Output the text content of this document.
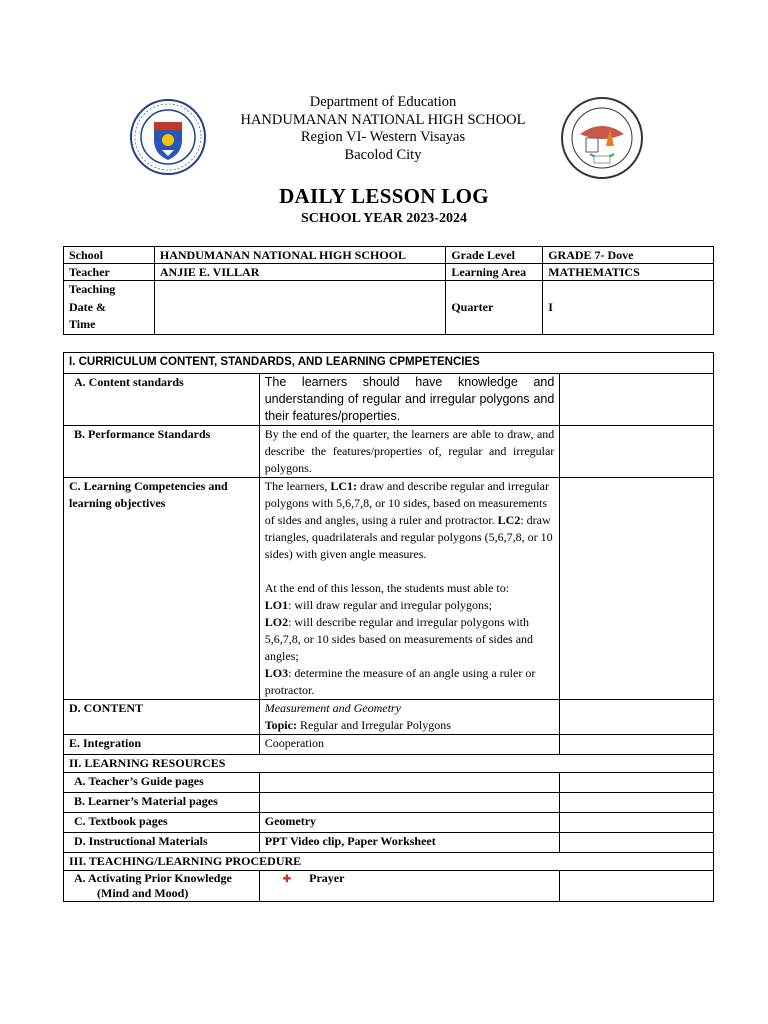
Department of Education
HANDUMANAN NATIONAL HIGH SCHOOL
Region VI- Western Visayas
Bacolod City
DAILY LESSON LOG
SCHOOL YEAR 2023-2024
School	HANDUMANAN NATIONAL HIGH SCHOOL	Grade Level	GRADE 7- Dove
Teacher	ANJIE E. VILLAR	Learning Area	MATHEMATICS

Teaching
Date &
Time		Quarter	I
I. CURRICULUM CONTENT, STANDARDS, AND LEARNING CPMPETENCIES		
A. Content standards	The learners should have knowledge and understanding of regular and irregular polygons and their features/properties.	
B. Performance Standards	By the end of the quarter, the learners are able to draw, and describe the features/properties of, regular and irregular polygons.	
C. Learning Competencies and learning objectives	The learners, LC1: draw and describe regular and irregular polygons with 5,6,7,8, or 10 sides, based on measurements of sides and angles, using a ruler and protractor. LC2: draw triangles, quadrilaterals and regular polygons (5,6,7,8, or 10 sides) with given angle measures.
At the end of this lesson, the students must able to:
LO1: will draw regular and irregular polygons;
LO2: will describe regular and irregular polygons with 5,6,7,8, or 10 sides based on measurements of sides and angles;
LO3: determine the measure of an angle using a ruler or protractor.	

D. CONTENT	Measurement and Geometry
Topic: Regular and Irregular Polygons	

E. Integration	Cooperation	
II. LEARNING RESOURCES		
A. Teacher’s Guide pages		
B. Learner’s Material pages		
C. Textbook pages	Geometry	
D. Instructional Materials	PPT Video clip, Paper Worksheet	
III. TEACHING/LEARNING PROCEDURE		

A. Activating Prior Knowledge
(Mind and Mood)	✚ Prayer	
